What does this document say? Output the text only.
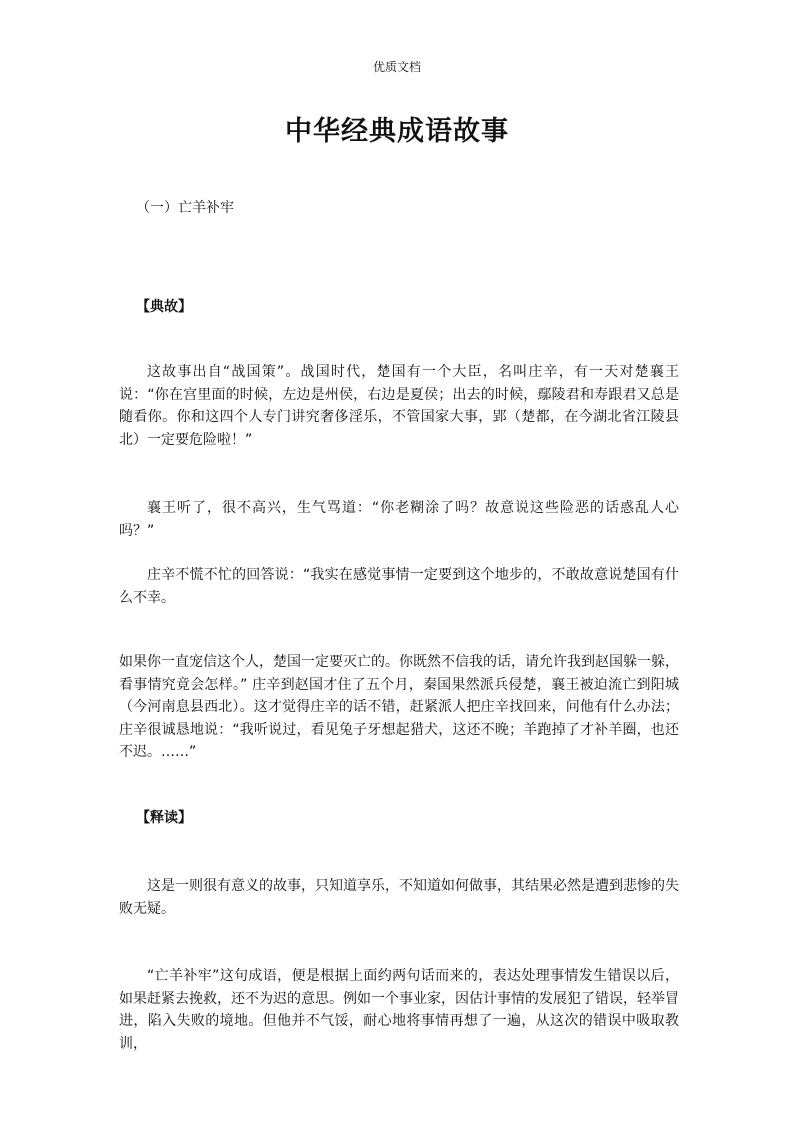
优质文档
中华经典成语故事
（一）亡羊补牢
【典故】
这故事出自“战国策”。战国时代，楚国有一个大臣，名叫庄辛，有一天对楚襄王说：“你在宫里面的时候，左边是州侯，右边是夏侯；出去的时候，鄢陵君和寿跟君又总是随看你。你和这四个人专门讲究奢侈淫乐，不管国家大事，郢（楚都，在今湖北省江陵县北）一定要危险啦！”
襄王听了，很不高兴，生气骂道：“你老糊涂了吗？故意说这些险恶的话惑乱人心吗？”
庄辛不慌不忙的回答说：“我实在感觉事情一定要到这个地步的，不敢故意说楚国有什么不幸。
如果你一直宠信这个人，楚国一定要灭亡的。你既然不信我的话，请允许我到赵国躲一躲，看事情究竟会怎样。” 庄辛到赵国才住了五个月，秦国果然派兵侵楚，襄王被迫流亡到阳城（今河南息县西北）。这才觉得庄辛的话不错，赶紧派人把庄辛找回来，问他有什么办法；庄辛很诚恳地说：“我听说过，看见兔子牙想起猎犬，这还不晚；羊跑掉了才补羊圈，也还不迟。……”
【释读】
这是一则很有意义的故事，只知道享乐，不知道如何做事，其结果必然是遭到悲惨的失败无疑。
“亡羊补牢”这句成语，便是根据上面约两句话而来的，表达处理事情发生错误以后，如果赶紧去挽救，还不为迟的意思。例如一个事业家，因估计事情的发展犯了错误，轻举冒进，陷入失败的境地。但他并不气馁，耐心地将事情再想了一遍，从这次的错误中吸取教训，
